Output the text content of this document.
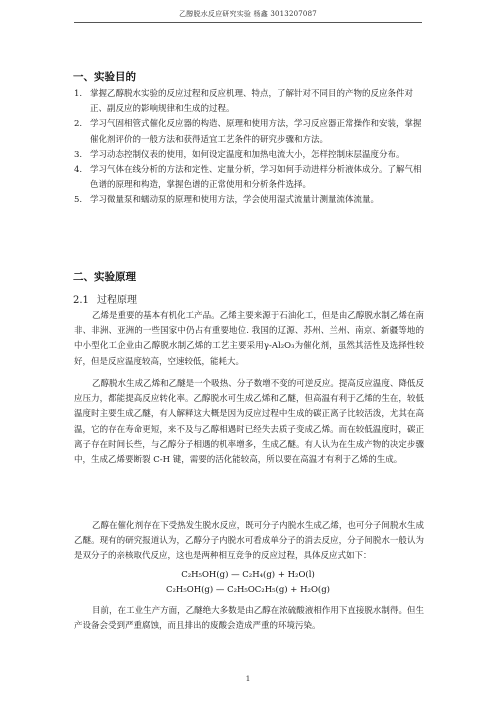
乙醇脱水反应研究实验 杨鑫 3013207087
一、实验目的
1. 掌握乙醇脱水实验的反应过程和反应机理、特点，了解针对不同目的产物的反应条件对正、副反应的影响规律和生成的过程。
2. 学习气固相管式催化反应器的构造、原理和使用方法，学习反应器正常操作和安装，掌握催化剂评价的一般方法和获得适宜工艺条件的研究步骤和方法。
3. 学习动态控制仪表的使用，如何设定温度和加热电流大小，怎样控制床层温度分布。
4. 学习气体在线分析的方法和定性、定量分析，学习如何手动进样分析液体成分。了解气相色谱的原理和构造，掌握色谱的正常使用和分析条件选择。
5. 学习微量泵和蠕动泵的原理和使用方法，学会使用湿式流量计测量流体流量。
二、实验原理
2.1 过程原理

乙烯是重要的基本有机化工产品。乙烯主要来源于石油化工，但是由乙醇脱水制乙烯在南非、非洲、亚洲的一些国家中仍占有重要地位. 我国的辽源、苏州、兰州、南京、新疆等地的中小型化工企业由乙醇脱水制乙烯的工艺主要采用γ-Al₂O₃为催化剂，虽然其活性及选择性较好，但是反应温度较高，空速较低，能耗大。

乙醇脱水生成乙烯和乙醚是一个吸热、分子数增不变的可逆反应。提高反应温度、降低反应压力，都能提高反应转化率。乙醇脱水可生成乙烯和乙醚，但高温有利于乙烯的生在，较低温度时主要生成乙醚，有人解释这大概是因为反应过程中生成的碳正离子比较活泼，尤其在高温，它的存在寿命更短，来不及与乙醇相遇时已经失去质子变成乙烯。而在较低温度时，碳正离子存在时间长些，与乙醇分子相遇的机率增多，生成乙醚。有人认为在生成产物的决定步骤中，生成乙烯要断裂 C-H 键，需要的活化能较高，所以要在高温才有利于乙烯的生成。

乙醇在催化剂存在下受热发生脱水反应，既可分子内脱水生成乙烯，也可分子间脱水生成乙醚。现有的研究报道认为，乙醇分子内脱水可看成单分子的消去反应，分子间脱水一般认为是双分子的亲核取代反应，这也是两种相互竞争的反应过程，具体反应式如下：

C₂H₅OH(g) — C₂H₄(g) + H₂O(l)
C₂H₅OH(g) — C₂H₅OC₂H₅(g) + H₂O(g)

目前，在工业生产方面，乙醚绝大多数是由乙醇在浓硫酸液相作用下直接脱水制得。但生产设备会受到严重腐蚀，而且排出的废酸会造成严重的环境污染。

1
